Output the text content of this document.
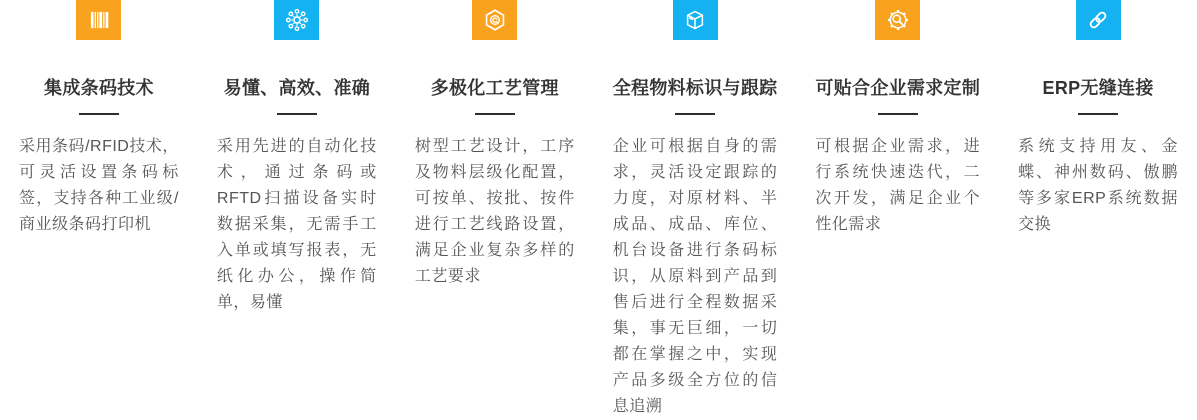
集成条码技术
采用条码/RFID技术，可灵活设置条码标签，支持各种工业级/商业级条码打印机
易懂、高效、准确
采用先进的自动化技术，通过条码或RFTD扫描设备实时数据采集，无需手工入单或填写报表，无纸化办公，操作简单，易懂
多极化工艺管理
树型工艺设计，工序及物料层级化配置，可按单、按批、按件进行工艺线路设置，满足企业复杂多样的工艺要求
全程物料标识与跟踪
企业可根据自身的需求，灵活设定跟踪的力度，对原材料、半成品、成品、库位、机台设备进行条码标识，从原料到产品到售后进行全程数据采集，事无巨细，一切都在掌握之中，实现产品多级全方位的信息追溯
可贴合企业需求定制
可根据企业需求，进行系统快速迭代，二次开发，满足企业个性化需求
ERP无缝连接
系统支持用友、金蝶、神州数码、傲鹏等多家ERP系统数据交换
